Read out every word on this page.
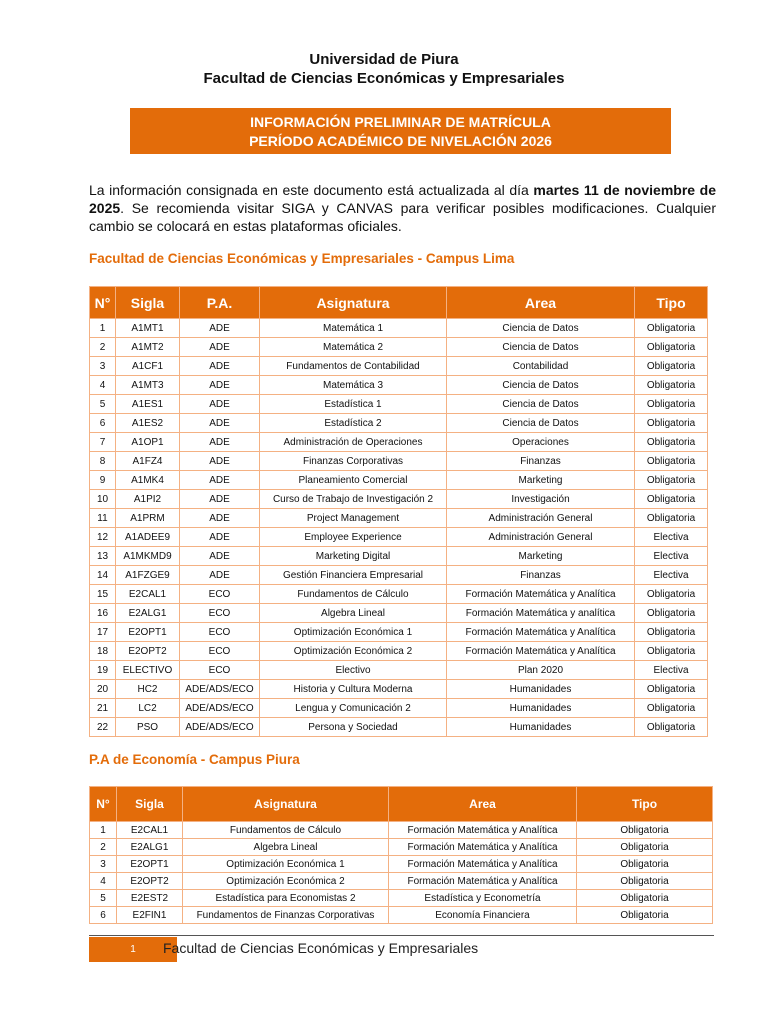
Universidad de Piura
Facultad de Ciencias Económicas y Empresariales
INFORMACIÓN PRELIMINAR DE MATRÍCULA
PERÍODO ACADÉMICO DE NIVELACIÓN 2026

La información consignada en este documento está actualizada al día martes 11 de noviembre de 2025. Se recomienda visitar SIGA y CANVAS para verificar posibles modificaciones. Cualquier cambio se colocará en estas plataformas oficiales.

Facultad de Ciencias Económicas y Empresariales - Campus Lima
N°	Sigla	P.A.	Asignatura	Area	Tipo
1	A1MT1	ADE	Matemática 1	Ciencia de Datos	Obligatoria
2	A1MT2	ADE	Matemática 2	Ciencia de Datos	Obligatoria
3	A1CF1	ADE	Fundamentos de Contabilidad	Contabilidad	Obligatoria
4	A1MT3	ADE	Matemática 3	Ciencia de Datos	Obligatoria
5	A1ES1	ADE	Estadística 1	Ciencia de Datos	Obligatoria
6	A1ES2	ADE	Estadística 2	Ciencia de Datos	Obligatoria
7	A1OP1	ADE	Administración de Operaciones	Operaciones	Obligatoria
8	A1FZ4	ADE	Finanzas Corporativas	Finanzas	Obligatoria
9	A1MK4	ADE	Planeamiento Comercial	Marketing	Obligatoria
10	A1PI2	ADE	Curso de Trabajo de Investigación 2	Investigación	Obligatoria
11	A1PRM	ADE	Project Management	Administración General	Obligatoria
12	A1ADEE9	ADE	Employee Experience	Administración General	Electiva
13	A1MKMD9	ADE	Marketing Digital	Marketing	Electiva
14	A1FZGE9	ADE	Gestión Financiera Empresarial	Finanzas	Electiva
15	E2CAL1	ECO	Fundamentos de Cálculo	Formación Matemática y Analítica	Obligatoria
16	E2ALG1	ECO	Algebra Lineal	Formación Matemática y analítica	Obligatoria
17	E2OPT1	ECO	Optimización Económica 1	Formación Matemática y Analítica	Obligatoria
18	E2OPT2	ECO	Optimización Económica 2	Formación Matemática y Analítica	Obligatoria
19	ELECTIVO	ECO	Electivo	Plan 2020	Electiva
20	HC2	ADE/ADS/ECO	Historia y Cultura Moderna	Humanidades	Obligatoria
21	LC2	ADE/ADS/ECO	Lengua y Comunicación 2	Humanidades	Obligatoria
22	PSO	ADE/ADS/ECO	Persona y Sociedad	Humanidades	Obligatoria
P.A de Economía - Campus Piura
N°	Sigla	Asignatura	Area	Tipo
1	E2CAL1	Fundamentos de Cálculo	Formación Matemática y Analítica	Obligatoria
2	E2ALG1	Algebra Lineal	Formación Matemática y Analítica	Obligatoria
3	E2OPT1	Optimización Económica 1	Formación Matemática y Analítica	Obligatoria
4	E2OPT2	Optimización Económica 2	Formación Matemática y Analítica	Obligatoria
5	E2EST2	Estadística para Economistas 2	Estadística y Econometría	Obligatoria
6	E2FIN1	Fundamentos de Finanzas Corporativas	Economía Financiera	Obligatoria
1	Facultad de Ciencias Económicas y Empresariales
